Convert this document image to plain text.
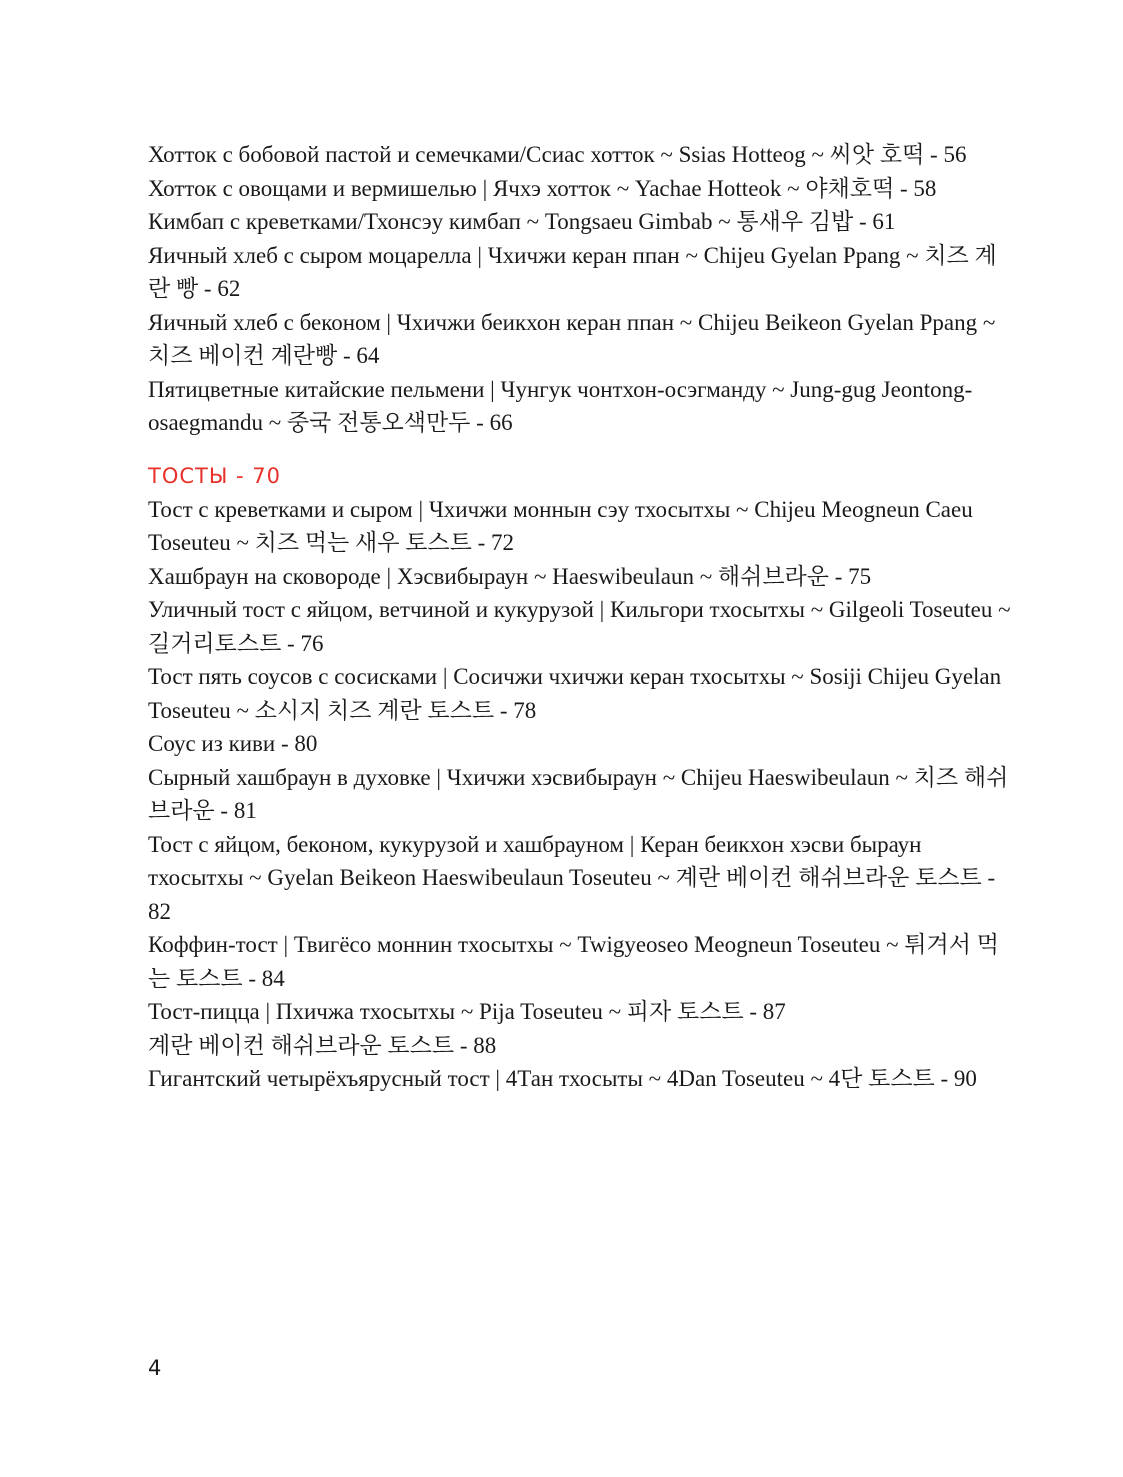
Хотток с бобовой пастой и семечками/Ссиас хотток ~ Ssias Hotteog ~ 씨앗 호떡 - 56

Хотток с овощами и вермишелью | Ячхэ хотток ~ Yachae Hotteok ~ 야채호떡 - 58

Кимбап с креветками/Тхонсэу кимбап ~ Tongsaeu Gimbab ~ 통새우 김밥 - 61

Яичный хлеб с сыром моцарелла | Чхичжи керан ппан ~ Chijeu Gyelan Ppang ~ 치즈 계란 빵 - 62

Яичный хлеб с беконом | Чхичжи беикхон керан ппан ~ Chijeu Beikeon Gyelan Ppang ~ 치즈 베이컨 계란빵 - 64

Пятицветные китайские пельмени | Чунгук чонтхон-осэгманду ~ Jung-gug Jeontong-osaegmandu ~ 중국 전통오색만두 - 66

ТОСТЫ - 70

Тост с креветками и сыром | Чхичжи моннын сэу тхосытхы ~ Chijeu Meogneun Caeu Toseuteu ~ 치즈 먹는 새우 토스트 - 72

Хашбраун на сковороде | Хэсвибыраун ~ Haeswibeulaun ~ 해쉬브라운 - 75

Уличный тост с яйцом, ветчиной и кукурузой | Кильгори тхосытхы ~ Gilgeoli Toseuteu ~ 길거리토스트 - 76

Тост пять соусов с сосисками | Сосичжи чхичжи керан тхосытхы ~ Sosiji Chijeu Gyelan Toseuteu ~ 소시지 치즈 계란 토스트 - 78

Соус из киви - 80

Сырный хашбраун в духовке | Чхичжи хэсвибыраун ~ Chijeu Haeswibeulaun ~ 치즈 해쉬브라운 - 81

Тост с яйцом, беконом, кукурузой и хашбрауном | Керан беикхон хэсви быраун тхосытхы ~ Gyelan Beikeon Haeswibeulaun Toseuteu ~ 계란 베이컨 해쉬브라운 토스트 - 82

Коффин-тост | Твигёсо моннин тхосытхы ~ Twigyeoseo Meogneun Toseuteu ~ 튀겨서 먹는 토스트 - 84

Тост-пицца | Пхичжа тхосытхы ~ Pija Toseuteu ~ 피자 토스트 - 87

계란 베이컨 해쉬브라운 토스트 - 88

Гигантский четырёхъярусный тост | 4Тан тхосыты ~ 4Dan Toseuteu ~ 4단 토스트 - 90

4
